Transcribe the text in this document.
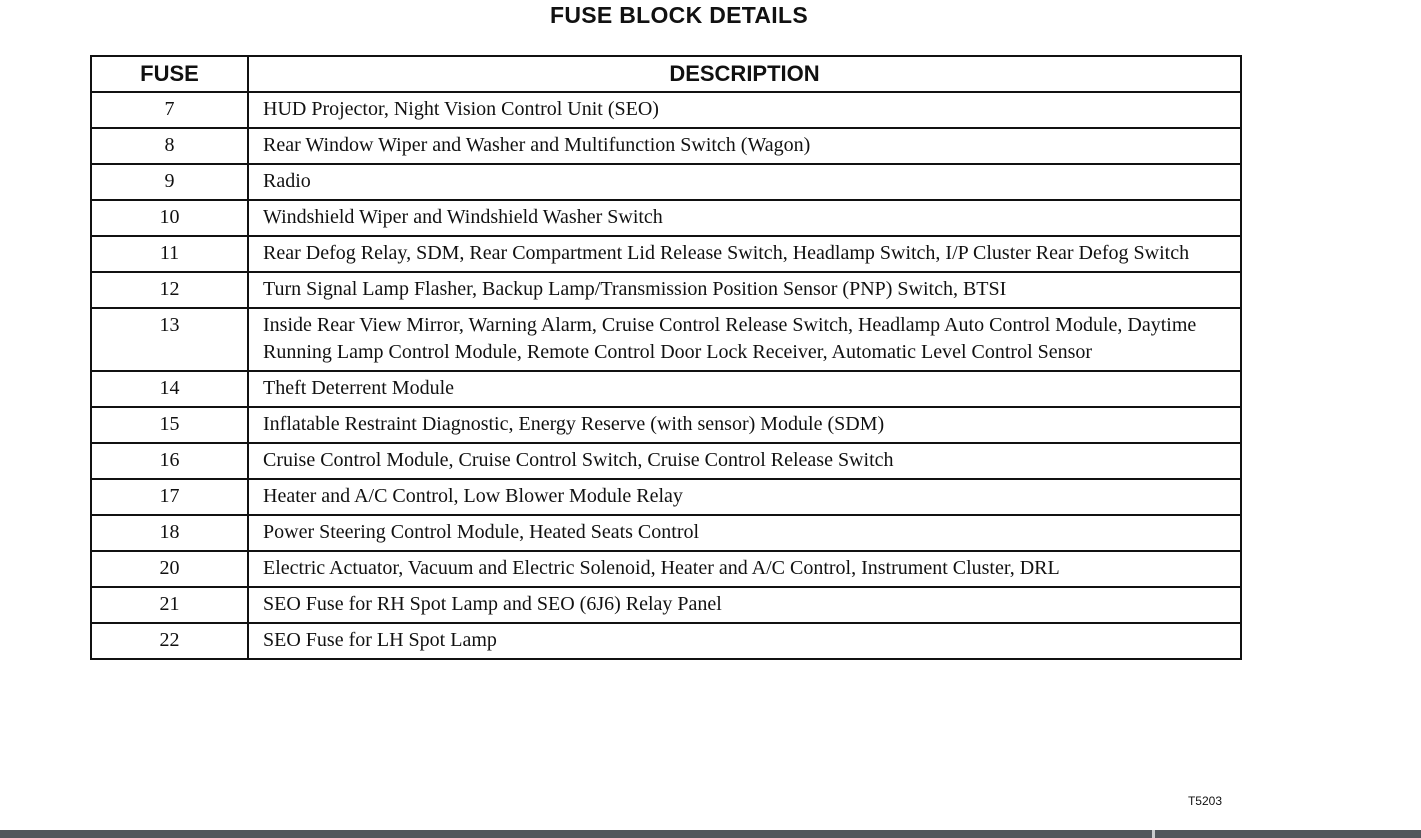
FUSE BLOCK DETAILS
FUSE	DESCRIPTION
7	HUD Projector, Night Vision Control Unit (SEO)
8	Rear Window Wiper and Washer and Multifunction Switch (Wagon)
9	Radio
10	Windshield Wiper and Windshield Washer Switch
11	Rear Defog Relay, SDM, Rear Compartment Lid Release Switch, Headlamp Switch, I/P Cluster Rear Defog Switch
12	Turn Signal Lamp Flasher, Backup Lamp/Transmission Position Sensor (PNP) Switch, BTSI
13	Inside Rear View Mirror, Warning Alarm, Cruise Control Release Switch, Headlamp Auto Control Module, Daytime Running Lamp Control Module, Remote Control Door Lock Receiver, Automatic Level Control Sensor
14	Theft Deterrent Module
15	Inflatable Restraint Diagnostic, Energy Reserve (with sensor) Module (SDM)
16	Cruise Control Module, Cruise Control Switch, Cruise Control Release Switch
17	Heater and A/C Control, Low Blower Module Relay
18	Power Steering Control Module, Heated Seats Control
20	Electric Actuator, Vacuum and Electric Solenoid, Heater and A/C Control, Instrument Cluster, DRL
21	SEO Fuse for RH Spot Lamp and SEO (6J6) Relay Panel
22	SEO Fuse for LH Spot Lamp
T5203
